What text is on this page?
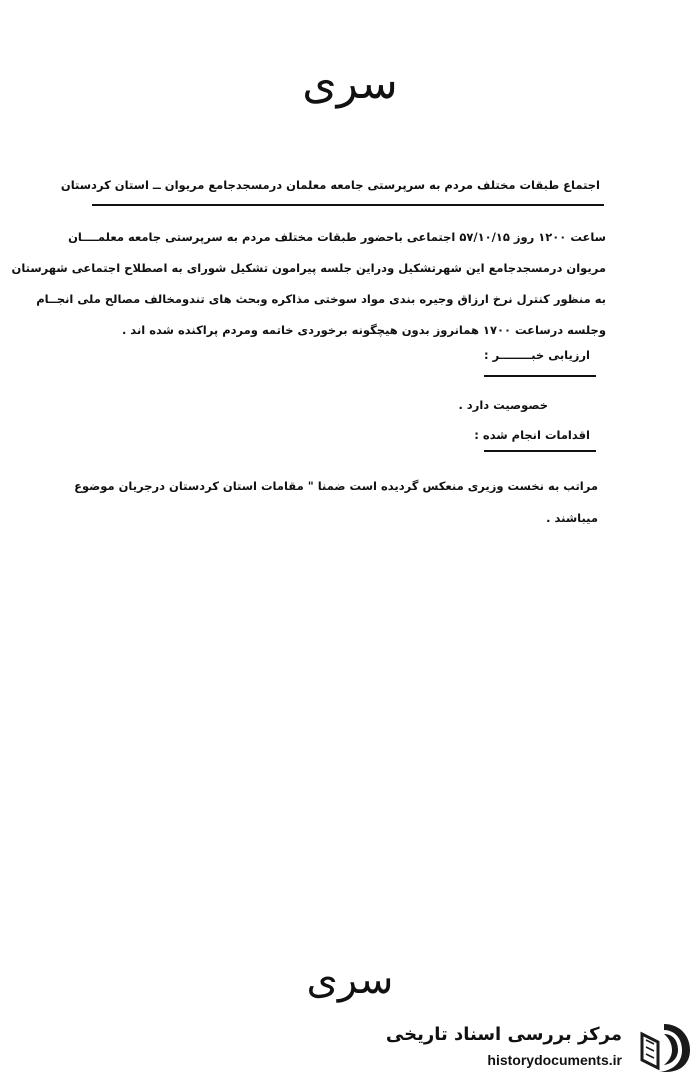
سری
اجتماع طبقات مختلف مردم به سرپرستی جامعه معلمان درمسجدجامع مریوان ــ استان کردستان
ساعت ۱۲۰۰ روز ۵۷/۱۰/۱۵ اجتماعی باحضور طبقات مختلف مردم به سرپرستی جامعه معلمــــان
مریوان درمسجدجامع این شهرتشکیل ودراین جلسه پیرامون تشکیل شورای به اصطلاح اجتماعی شهرستان
به منظور کنترل نرخ ارزاق وجیره بندی مواد سوختی مذاکره وبحث های تندومخالف مصالح ملی انجــام
وجلسه درساعت ۱۷۰۰ همانروز بدون هیچگونه برخوردی خاتمه ومردم پراکنده شده اند .
ارزیابی خبــــــــر :
خصوصیت دارد .
اقدامات انجام شده :
مراتب به نخست وزیری منعکس گردیده است ضمنا " مقامات استان کردستان درجریان موضوع
میباشند .
سری
مرکز بررسی اسناد تاریخی
historydocuments.ir
